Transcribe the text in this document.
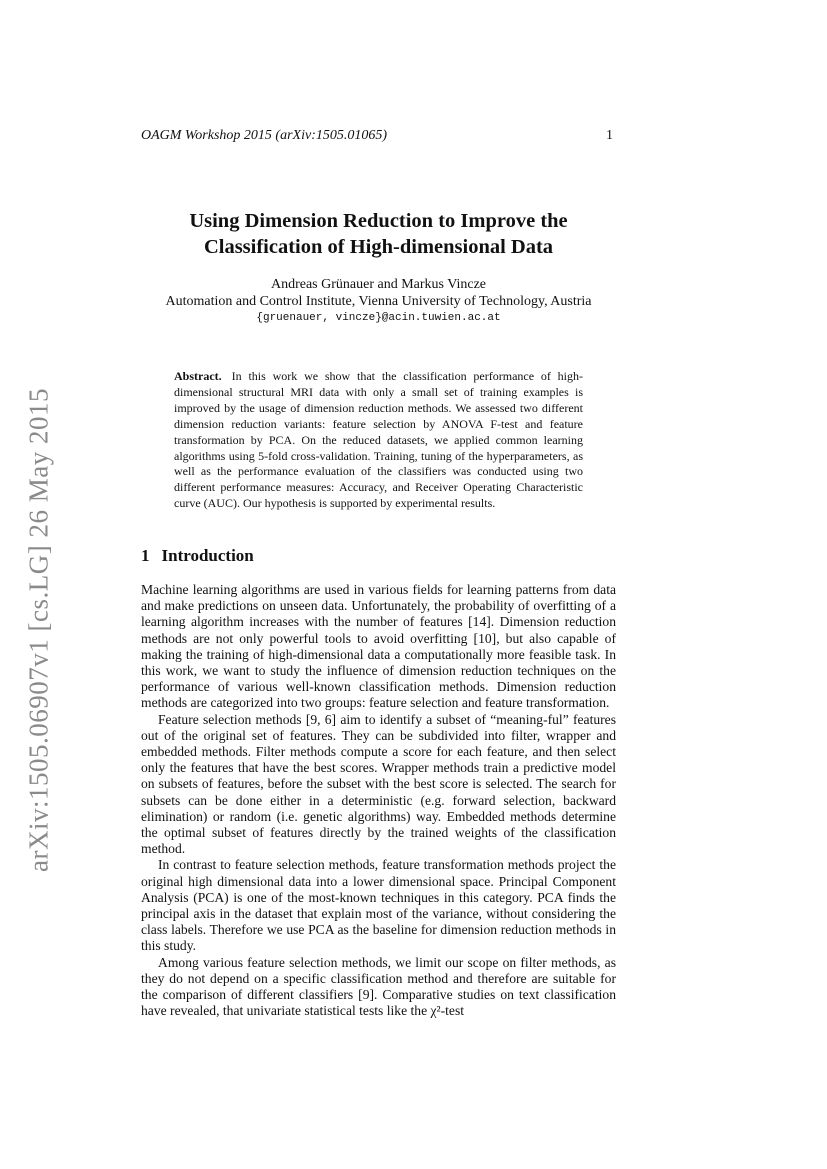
arXiv:1505.06907v1 [cs.LG] 26 May 2015
OAGM Workshop 2015 (arXiv:1505.01065)	1
Using Dimension Reduction to Improve the
Classification of High-dimensional Data
Andreas Grünauer and Markus Vincze
Automation and Control Institute, Vienna University of Technology, Austria
{gruenauer, vincze}@acin.tuwien.ac.at

Abstract. In this work we show that the classification performance of high-dimensional structural MRI data with only a small set of training examples is improved by the usage of dimension reduction methods. We assessed two different dimension reduction variants: feature selection by ANOVA F-test and feature transformation by PCA. On the reduced datasets, we applied common learning algorithms using 5-fold cross-validation. Training, tuning of the hyperparameters, as well as the performance evaluation of the classifiers was conducted using two different performance measures: Accuracy, and Receiver Operating Characteristic curve (AUC). Our hypothesis is supported by experimental results.

1 Introduction

Machine learning algorithms are used in various fields for learning patterns from data and make predictions on unseen data. Unfortunately, the probability of overfitting of a learning algorithm increases with the number of features [14]. Dimension reduction methods are not only powerful tools to avoid overfitting [10], but also capable of making the training of high-dimensional data a computationally more feasible task. In this work, we want to study the influence of dimension reduction techniques on the performance of various well-known classification methods. Dimension reduction methods are categorized into two groups: feature selection and feature transformation.

Feature selection methods [9, 6] aim to identify a subset of “meaning-ful” features out of the original set of features. They can be subdivided into filter, wrapper and embedded methods. Filter methods compute a score for each feature, and then select only the features that have the best scores. Wrapper methods train a predictive model on subsets of features, before the subset with the best score is selected. The search for subsets can be done either in a deterministic (e.g. forward selection, backward elimination) or random (i.e. genetic algorithms) way. Embedded methods determine the optimal subset of features directly by the trained weights of the classification method.

In contrast to feature selection methods, feature transformation methods project the original high dimensional data into a lower dimensional space. Principal Component Analysis (PCA) is one of the most-known techniques in this category. PCA finds the principal axis in the dataset that explain most of the variance, without considering the class labels. Therefore we use PCA as the baseline for dimension reduction methods in this study.

Among various feature selection methods, we limit our scope on filter methods, as they do not depend on a specific classification method and therefore are suitable for the comparison of different classifiers [9]. Comparative studies on text classification have revealed, that univariate statistical tests like the χ²-test
